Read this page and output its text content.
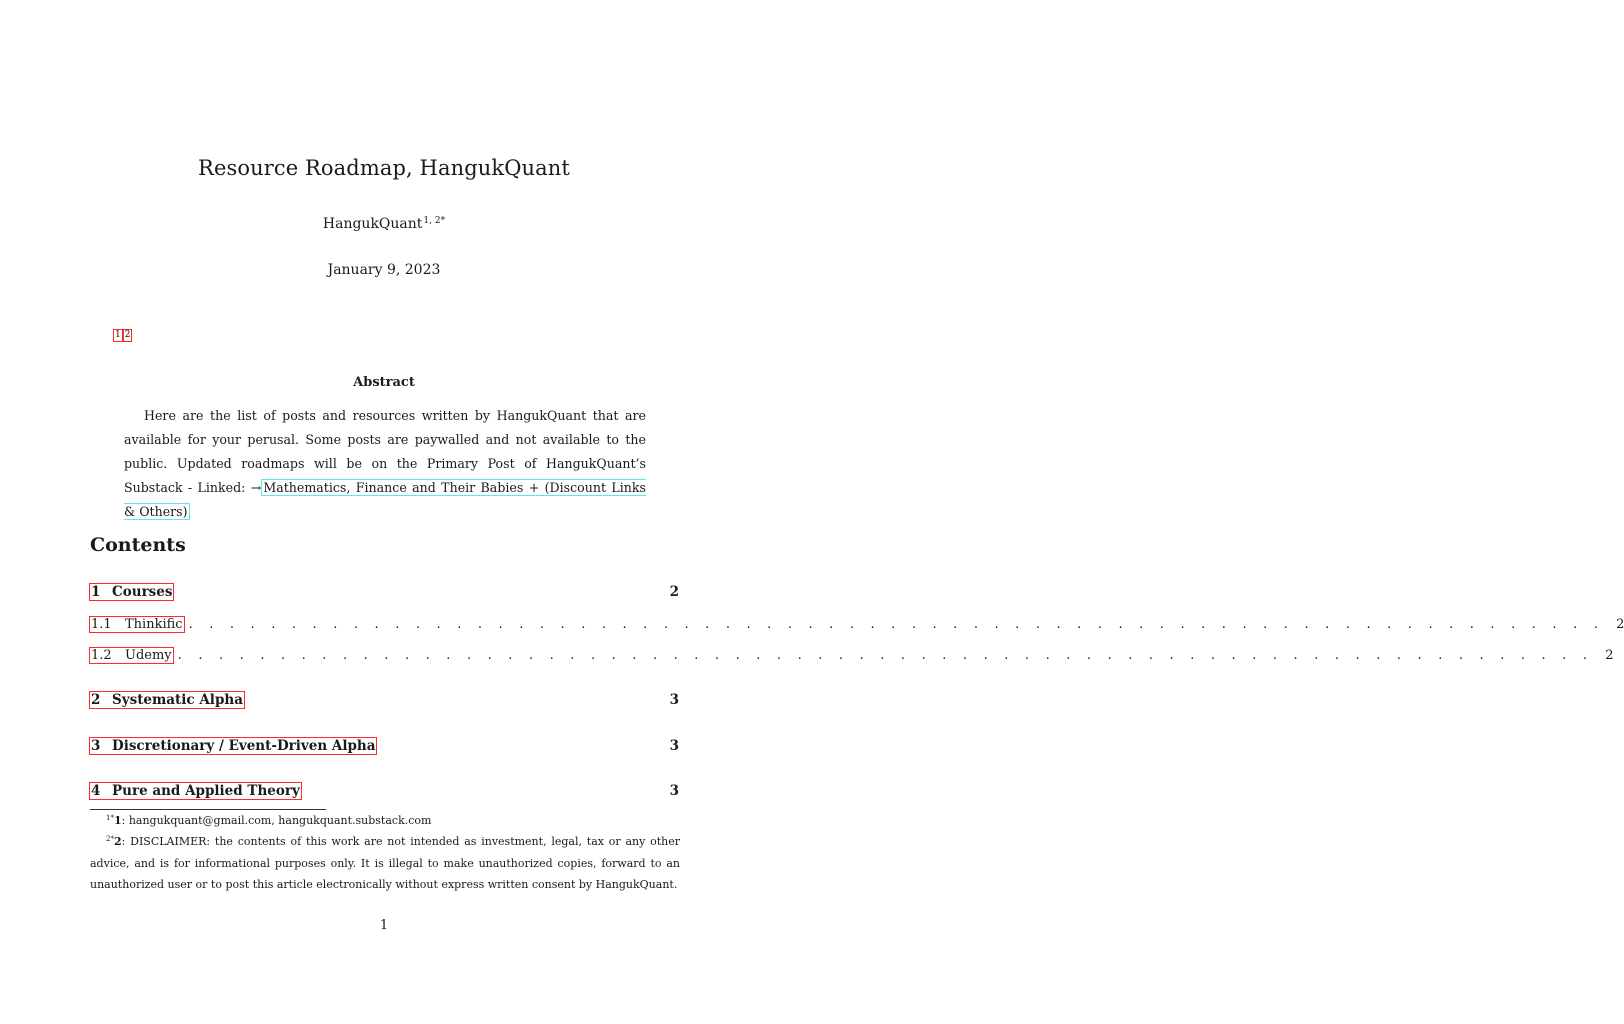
Resource Roadmap, HangukQuant
HangukQuant$^{1, 2*}$
January 9, 2023
1 2
Abstract
Here are the list of posts and resources written by HangukQuant that are available for your perusal. Some posts are paywalled and not available to the public. Updated roadmaps will be on the Primary Post of HangukQuant’s Substack - Linked: → Mathematics, Finance and Their Babies + (Discount Links & Others)
Contents
1 Courses	2
1.1 Thinkific . . . . . . . . . . . . . . . . . . . . . . . . . . . . . . . . . . . . . . . . . . . . . . . . . . . . . . . . . . . . . . . . . . . . . 2
1.2 Udemy . . . . . . . . . . . . . . . . . . . . . . . . . . . . . . . . . . . . . . . . . . . . . . . . . . . . . . . . . . . . . . . . . . . . . 2
2 Systematic Alpha	3
3 Discretionary / Event-Driven Alpha	3
4 Pure and Applied Theory	3
$^{1*}$1: hangukquant@gmail.com, hangukquant.substack.com
$^{2*}$2: DISCLAIMER: the contents of this work are not intended as investment, legal, tax or any other advice, and is for informational purposes only. It is illegal to make unauthorized copies, forward to an unauthorized user or to post this article electronically without express written consent by HangukQuant.
1
